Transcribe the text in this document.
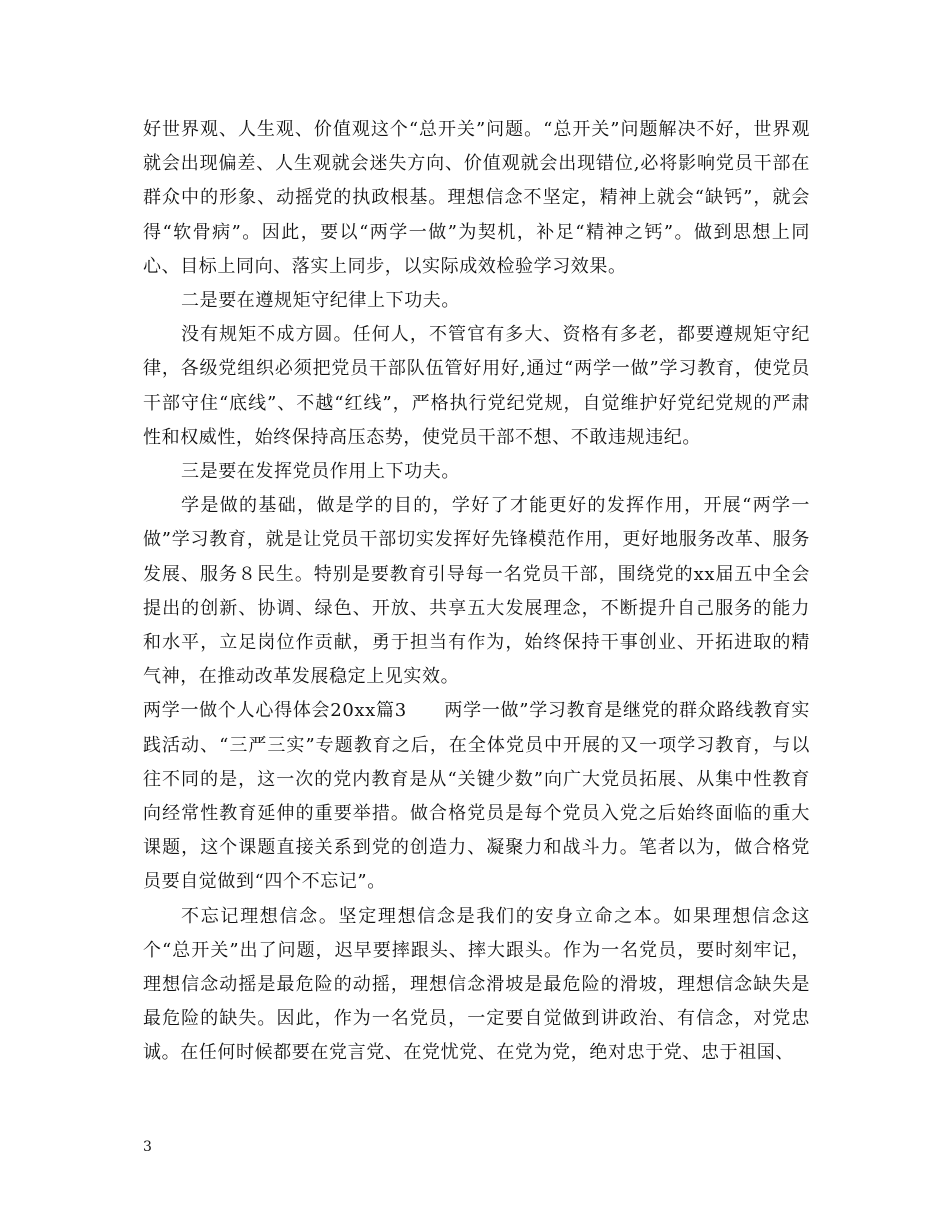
好世界观、人生观、价值观这个“总开关”问题。“总开关”问题解决不好，世界观就会出现偏差、人生观就会迷失方向、价值观就会出现错位,必将影响党员干部在群众中的形象、动摇党的执政根基。理想信念不坚定，精神上就会“缺钙”，就会得“软骨病”。因此，要以“两学一做”为契机，补足“精神之钙”。做到思想上同心、目标上同向、落实上同步，以实际成效检验学习效果。

二是要在遵规矩守纪律上下功夫。

没有规矩不成方圆。任何人，不管官有多大、资格有多老，都要遵规矩守纪律，各级党组织必须把党员干部队伍管好用好,通过“两学一做”学习教育，使党员干部守住“底线”、不越“红线”，严格执行党纪党规，自觉维护好党纪党规的严肃性和权威性，始终保持高压态势，使党员干部不想、不敢违规违纪。

三是要在发挥党员作用上下功夫。

学是做的基础，做是学的目的，学好了才能更好的发挥作用，开展“两学一做”学习教育，就是让党员干部切实发挥好先锋模范作用，更好地服务改革、服务发展、服务８民生。特别是要教育引导每一名党员干部，围绕党的xx届五中全会提出的创新、协调、绿色、开放、共享五大发展理念，不断提升自己服务的能力和水平，立足岗位作贡献，勇于担当有作为，始终保持干事创业、开拓进取的精气神，在推动改革发展稳定上见实效。

两学一做个人心得体会20xx篇3　　两学一做”学习教育是继党的群众路线教育实践活动、“三严三实”专题教育之后，在全体党员中开展的又一项学习教育，与以往不同的是，这一次的党内教育是从“关键少数”向广大党员拓展、从集中性教育向经常性教育延伸的重要举措。做合格党员是每个党员入党之后始终面临的重大课题，这个课题直接关系到党的创造力、凝聚力和战斗力。笔者以为，做合格党员要自觉做到“四个不忘记”。

不忘记理想信念。坚定理想信念是我们的安身立命之本。如果理想信念这个“总开关”出了问题，迟早要摔跟头、摔大跟头。作为一名党员，要时刻牢记，理想信念动摇是最危险的动摇，理想信念滑坡是最危险的滑坡，理想信念缺失是最危险的缺失。因此，作为一名党员，一定要自觉做到讲政治、有信念，对党忠诚。在任何时候都要在党言党、在党忧党、在党为党，绝对忠于党、忠于祖国、

3
